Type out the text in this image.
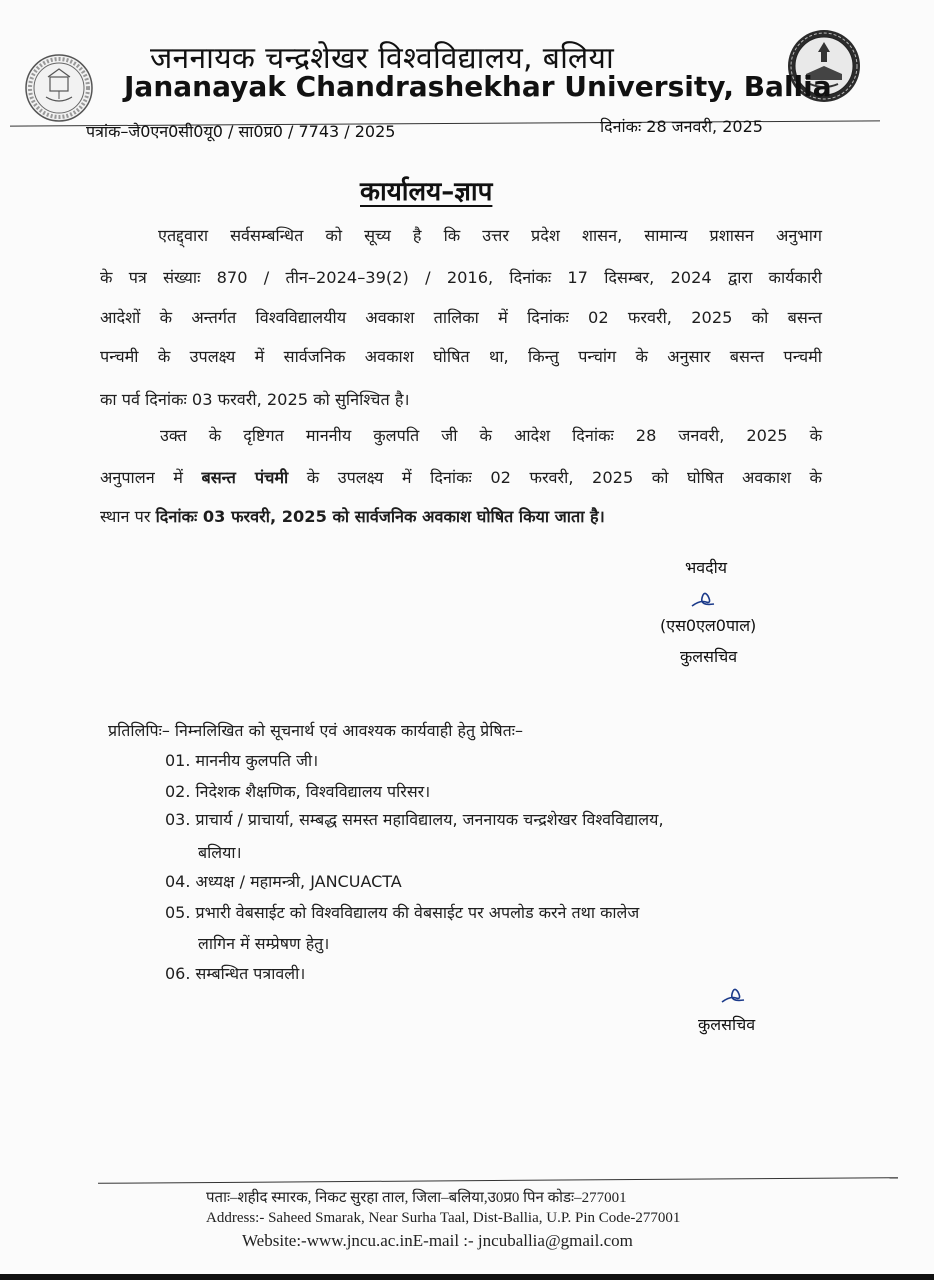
जननायक चन्द्रशेखर विश्वविद्यालय, बलिया

Jananayak Chandrashekhar University, Ballia

पत्रांक–जे0एन0सी0यू0 / सा0प्र0 / 7743 / 2025	दिनांकः 28 जनवरी, 2025

कार्यालय–ज्ञाप

एतद्द्वारा सर्वसम्बन्धित को सूच्य है कि उत्तर प्रदेश शासन, सामान्य प्रशासन अनुभाग

के पत्र संख्याः 870 / तीन–2024–39(2) / 2016, दिनांकः 17 दिसम्बर, 2024 द्वारा कार्यकारी

आदेशों के अन्तर्गत विश्वविद्यालयीय अवकाश तालिका में दिनांकः 02 फरवरी, 2025 को बसन्त

पन्चमी के उपलक्ष्य में सार्वजनिक अवकाश घोषित था, किन्तु पन्चांग के अनुसार बसन्त पन्चमी

का पर्व दिनांकः 03 फरवरी, 2025 को सुनिश्चित है।

उक्त के दृष्टिगत माननीय कुलपति जी के आदेश दिनांकः 28 जनवरी, 2025 के

अनुपालन में बसन्त पंचमी के उपलक्ष्य में दिनांकः 02 फरवरी, 2025 को घोषित अवकाश के

स्थान पर दिनांकः 03 फरवरी, 2025 को सार्वजनिक अवकाश घोषित किया जाता है।

भवदीय

(एस0एल0पाल)

कुलसचिव

प्रतिलिपिः– निम्नलिखित को सूचनार्थ एवं आवश्यक कार्यवाही हेतु प्रेषितः–

01. माननीय कुलपति जी।

02. निदेशक शैक्षणिक, विश्वविद्यालय परिसर।

03. प्राचार्य / प्राचार्या, सम्बद्ध समस्त महाविद्यालय, जननायक चन्द्रशेखर विश्वविद्यालय,

बलिया।

04. अध्यक्ष / महामन्त्री, JANCUACTA

05. प्रभारी वेबसाईट को विश्वविद्यालय की वेबसाईट पर अपलोड करने तथा कालेज

लागिन में सम्प्रेषण हेतु।

06. सम्बन्धित पत्रावली।

कुलसचिव

पताः–शहीद स्मारक, निकट सुरहा ताल, जिला–बलिया,उ0प्र0 पिन कोडः–277001

Address:- Saheed Smarak, Near Surha Taal, Dist-Ballia, U.P. Pin Code-277001

Website:-www.jncu.ac.inE-mail :- jncuballia@gmail.com
